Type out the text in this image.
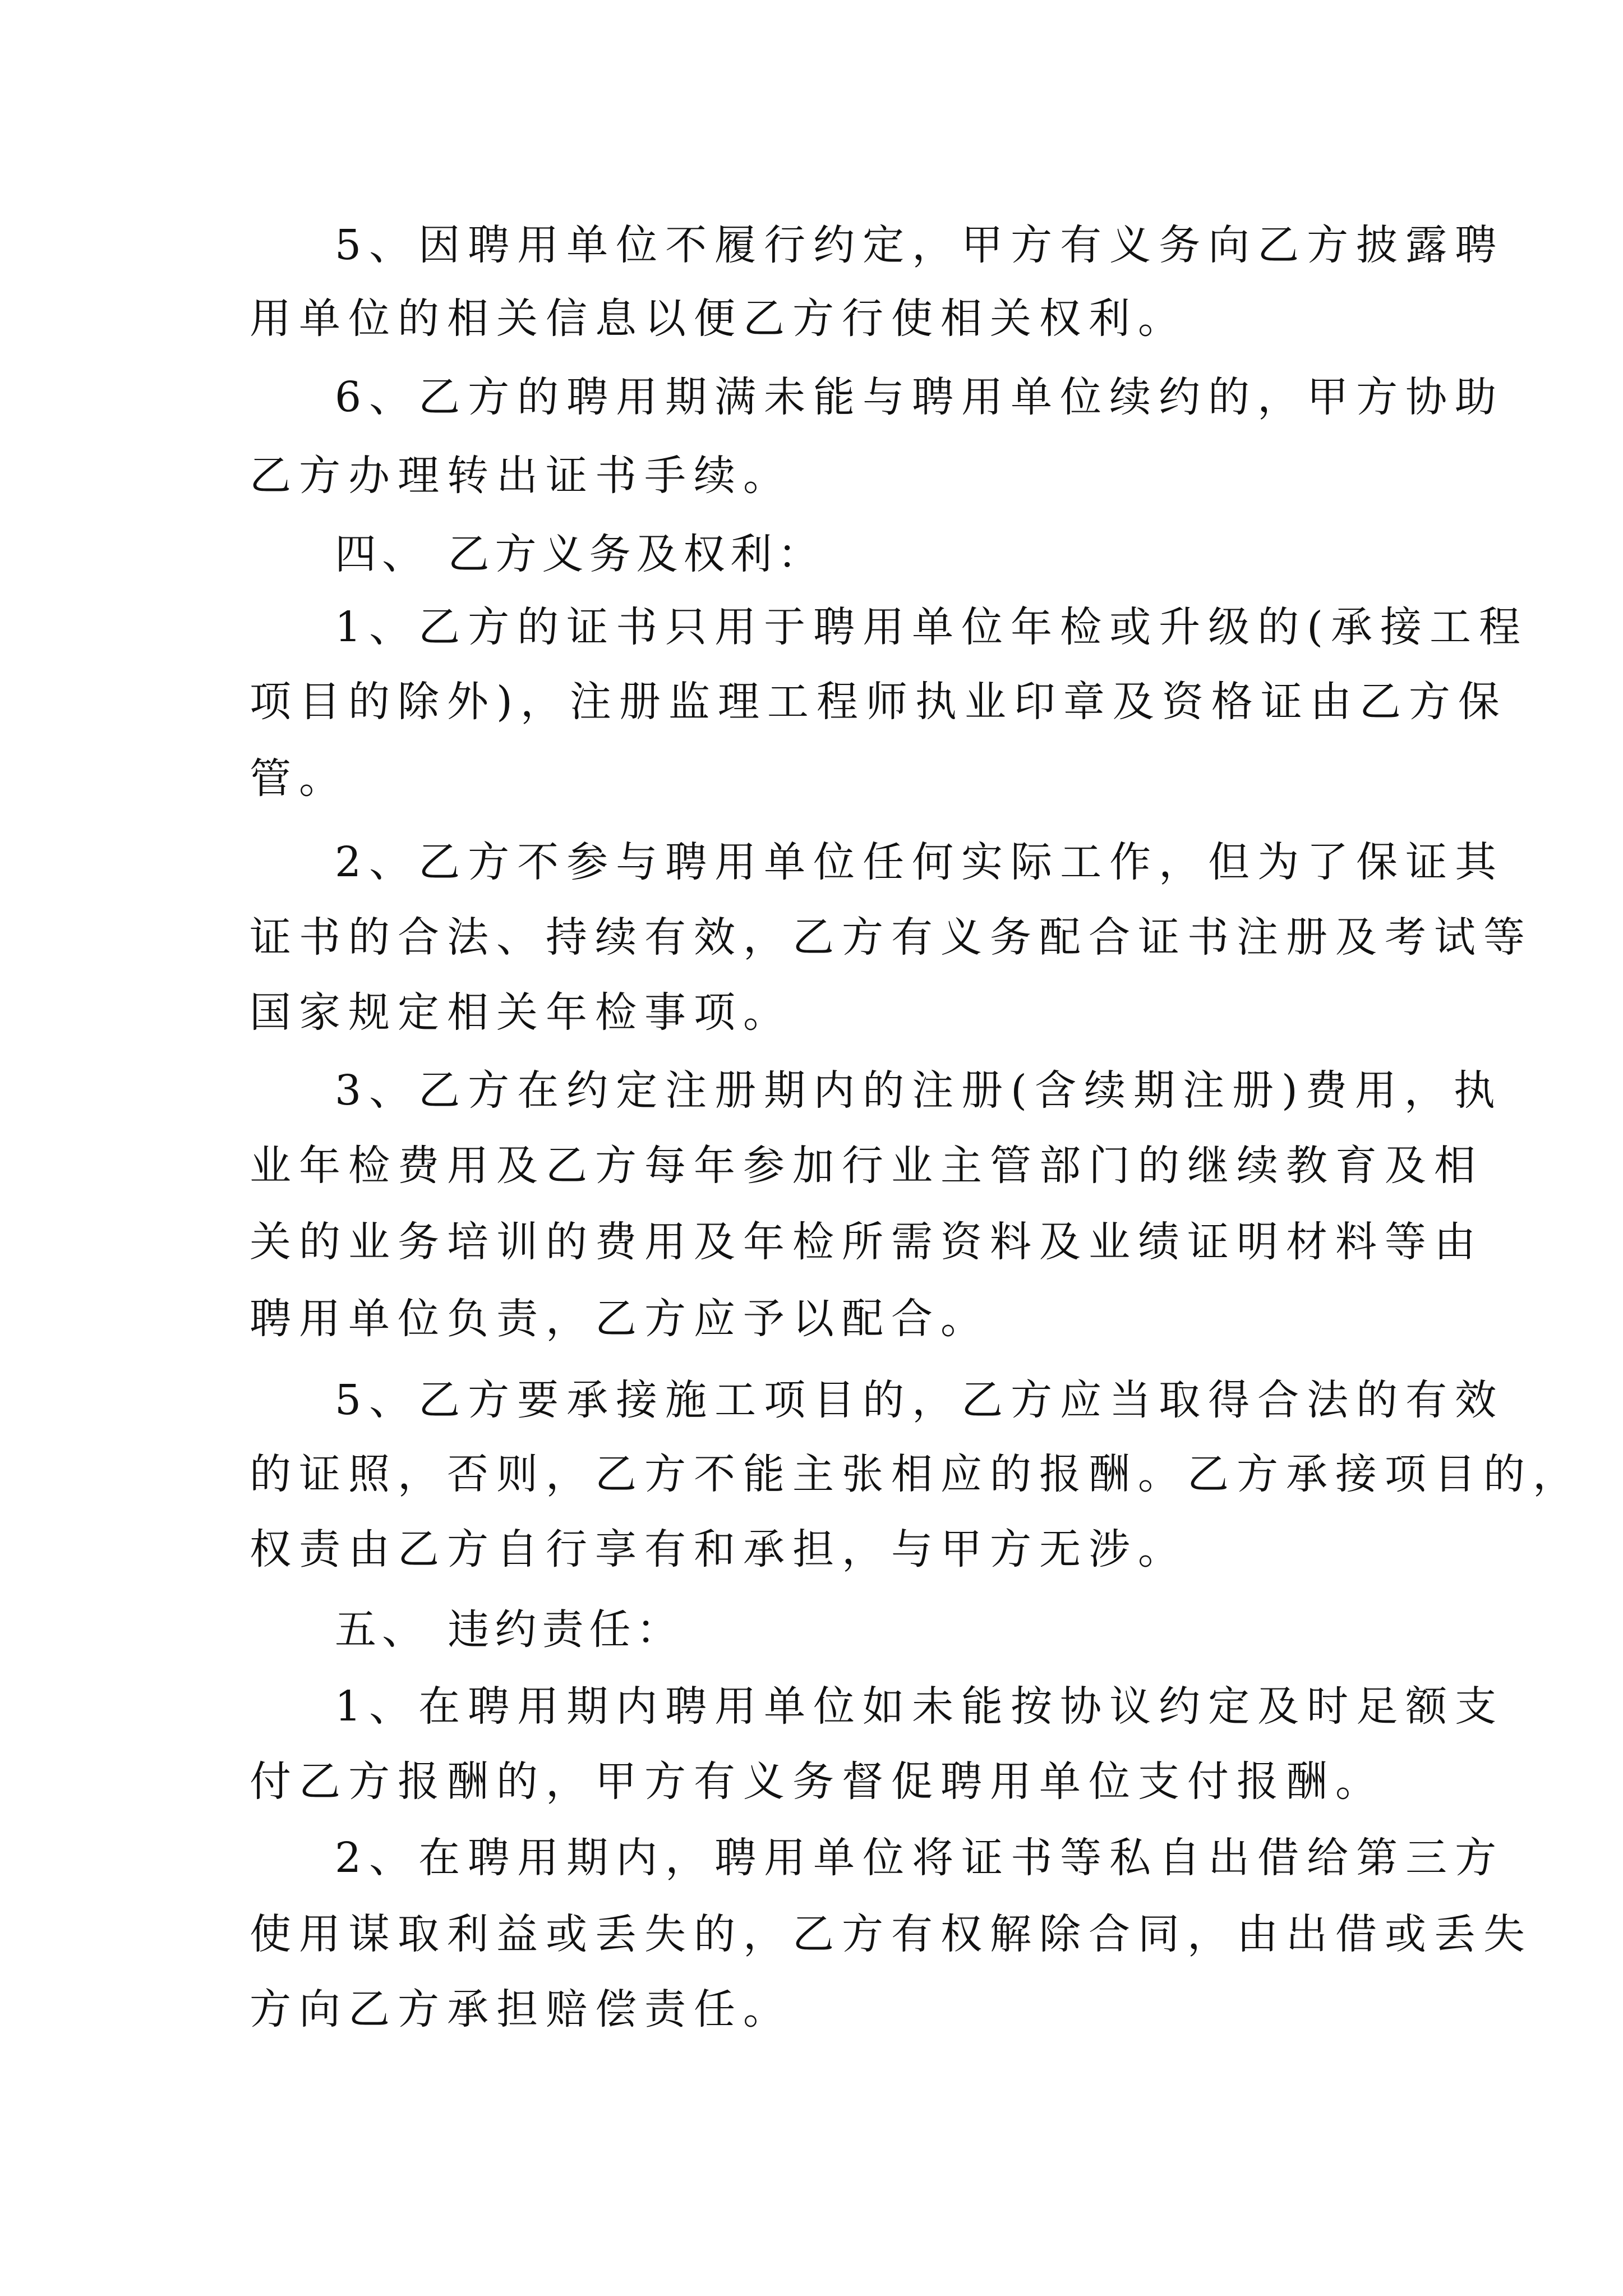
5、因聘用单位不履行约定，甲方有义务向乙方披露聘
用单位的相关信息以便乙方行使相关权利。
6、乙方的聘用期满未能与聘用单位续约的，甲方协助
乙方办理转出证书手续。
四、 乙方义务及权利：
1、乙方的证书只用于聘用单位年检或升级的(承接工程
项目的除外)，注册监理工程师执业印章及资格证由乙方保
管。
2、乙方不参与聘用单位任何实际工作，但为了保证其
证书的合法、持续有效，乙方有义务配合证书注册及考试等
国家规定相关年检事项。
3、乙方在约定注册期内的注册(含续期注册)费用，执
业年检费用及乙方每年参加行业主管部门的继续教育及相
关的业务培训的费用及年检所需资料及业绩证明材料等由
聘用单位负责，乙方应予以配合。
5、乙方要承接施工项目的，乙方应当取得合法的有效
的证照，否则，乙方不能主张相应的报酬。乙方承接项目的，
权责由乙方自行享有和承担，与甲方无涉。
五、 违约责任：
1、在聘用期内聘用单位如未能按协议约定及时足额支
付乙方报酬的，甲方有义务督促聘用单位支付报酬。
2、在聘用期内，聘用单位将证书等私自出借给第三方
使用谋取利益或丢失的，乙方有权解除合同，由出借或丢失
方向乙方承担赔偿责任。
